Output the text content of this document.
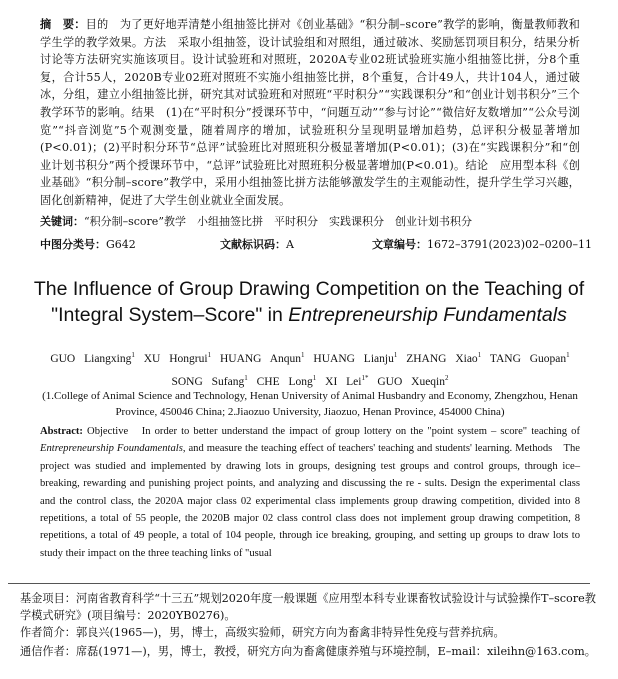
摘　要：目的　为了更好地弄清楚小组抽签比拼对《创业基础》“积分制–score”教学的影响，衡量教师教和学生学的教学效果。方法　采取小组抽签，设计试验组和对照组，通过破冰、奖励惩罚项目积分，结果分析讨论等方法研究实施该项目。设计试验班和对照班，2020A专业02班试验班实施小组抽签比拼，分8个重复，合计55人，2020B专业02班对照班不实施小组抽签比拼，8个重复，合计49人，共计104人，通过破冰，分组，建立小组抽签比拼，研究其对试验班和对照班“平时积分”“实践课积分”和“创业计划书积分”三个教学环节的影响。结果　(1)在“平时积分”授课环节中，“问题互动”“参与讨论”“微信好友数增加”“公众号浏览”“抖音浏览”5个观测变量，随着周序的增加，试验班积分呈现明显增加趋势，总评积分极显著增加(P<0.01)；(2)平时积分环节“总评”试验班比对照班积分极显著增加(P<0.01)；(3)在“实践课积分”和“创业计划书积分”两个授课环节中，“总评”试验班比对照班积分极显著增加(P<0.01)。结论　应用型本科《创业基础》“积分制–score”教学中，采用小组抽签比拼方法能够激发学生的主观能动性，提升学生学习兴趣，固化创新精神，促进了大学生创业就业全面发展。
关键词：“积分制–score”教学　小组抽签比拼　平时积分　实践课积分　创业计划书积分
中图分类号：G642	文献标识码：A	文章编号：1672–3791(2023)02–0200–11
The Influence of Group Drawing Competition on the Teaching of "Integral System–Score" in Entrepreneurship Fundamentals
GUO Liangxing$^1$ XU Hongrui$^1$ HUANG Anqun$^1$ HUANG Lianju$^1$ ZHANG Xiao$^1$ TANG Guopan$^1$
SONG Sufang$^1$ CHE Long$^1$ XI Lei$^{1*}$ GUO Xueqin$^2$
(1.College of Animal Science and Technology, Henan University of Animal Husbandry and Economy, Zhengzhou, Henan Province, 450046 China; 2.Jiaozuo University, Jiaozuo, Henan Province, 454000 China)
Abstract: Objective　In order to better understand the impact of group lottery on the "point system – score" teaching of Entrepreneurship Foundamentals, and measure the teaching effect of teachers' teaching and students' learning. Methods　The project was studied and implemented by drawing lots in groups, designing test groups and control groups, through ice–breaking, rewarding and punishing project points, and analyzing and discussing the re - sults. Design the experimental class and the control class, the 2020A major class 02 experimental class implements group drawing competition, divided into 8 repetitions, a total of 55 people, the 2020B major 02 class control class does not implement group drawing competition, 8 repetitions, a total of 49 people, a total of 104 people, through ice breaking, grouping, and setting up groups to draw lots to study their impact on the three teaching links of "usual
基金项目：河南省教育科学“十三五”规划2020年度一般课题《应用型本科专业课畜牧试验设计与试验操作T–score教学模式研究》(项目编号：2020YB0276)。
作者简介：郭良兴(1965—)，男，博士，高级实验师，研究方向为畜禽非特异性免疫与营养抗病。
通信作者：席磊(1971—)，男，博士，教授，研究方向为畜禽健康养殖与环境控制，E–mail：xileihn@163.com。
